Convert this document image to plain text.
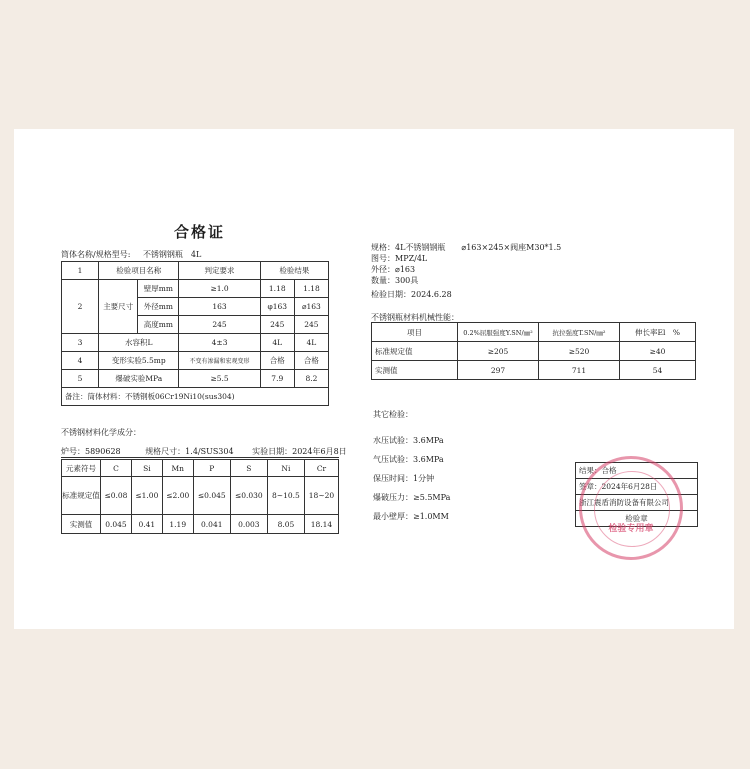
合格证
筒体名称/规格型号: 不锈钢钢瓶　4L
1	检验项目名称		判定要求	检验结果	
2	主要尺寸	壁厚mm	≥1.0	1.18	1.18
		外径mm	163	φ163	⌀163
		高度mm	245	245	245
3	水容积L		4±3	4L	4L
4	变形实验5.5mp		不变有渗漏和宏观变形	合格	合格
5	爆破实验MPa		≥5.5	7.9	8.2
备注：筒体材料：不锈钢板06Cr19Ni10(sus304)					
不锈钢材料化学成分：
炉号：5890628	规格尺寸：1.4/SUS304 实验日期：2024年6月8日
元素符号	C	Si	Mn	P	S	Ni	Cr
标准规定值	≤0.08	≤1.00	≤2.00	≤0.045	≤0.030	8~10.5	18~20
实测值	0.045	0.41	1.19	0.041	0.003	8.05	18.14
规格：4L不锈钢钢瓶　　⌀163×245×阀座M30*1.5
图号：MPZ/4L
外径：⌀163
数量：300具
检验日期：2024.6.28
不锈钢瓶材料机械性能：
项目	0.2%屈服强度Y.SN/㎜²	抗拉强度T.SN/㎜²	伸长率El　%
标准规定值	≥205	≥520	≥40
实测值	297	711	54
其它检验：
水压试验：3.6MPa
气压试验：3.6MPa
保压时间：1分钟
爆破压力：≥5.5MPa
最小壁厚：≥1.0MM
结果：合格
签章：2024年6月28日
浙江震盾消防设备有限公司
检验章
检验专用章
